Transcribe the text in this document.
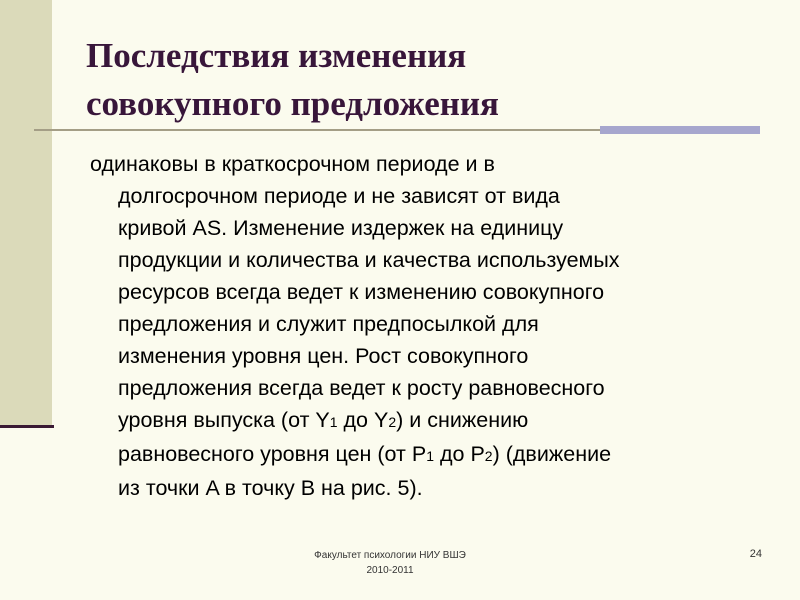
Последствия изменения
совокупного предложения
одинаковы в краткосрочном периоде и в
долгосрочном периоде и не зависят от вида
кривой AS. Изменение издержек на единицу
продукции и количества и качества используемых
ресурсов всегда ведет к изменению совокупного
предложения и служит предпосылкой для
изменения уровня цен. Рост совокупного
предложения всегда ведет к росту равновесного
уровня выпуска (от Y1 до Y2) и снижению
равновесного уровня цен (от P1 до P2) (движение
из точки A в точку B на рис. 5).
Факультет психологии НИУ ВШЭ
2010-2011
24
